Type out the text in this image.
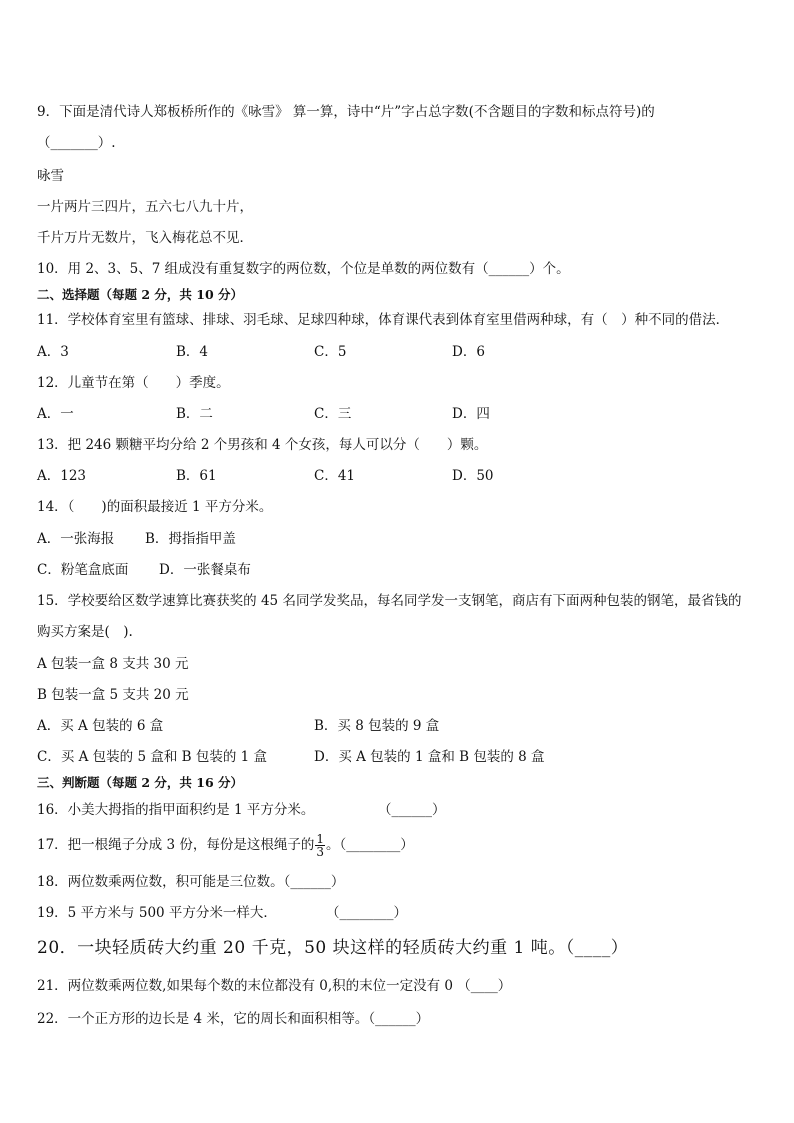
9．下面是清代诗人郑板桥所作的《咏雪》 算一算，诗中“片”字占总字数(不含题目的字数和标点符号)的
（_______）.
咏雪
一片两片三四片，五六七八九十片，
千片万片无数片，飞入梅花总不见．
10．用 2、3、5、7 组成没有重复数字的两位数，个位是单数的两位数有（______）个。
二、选择题（每题 2 分，共 10 分）
11．学校体育室里有篮球、排球、羽毛球、足球四种球，体育课代表到体育室里借两种球，有（　）种不同的借法．
A．3	B．4	C．5	D．6
12．儿童节在第（　　）季度。
A．一	B．二	C．三	D．四
13．把 246 颗糖平均分给 2 个男孩和 4 个女孩，每人可以分（　　）颗。
A．123	B．61	C．41	D．50
14．（　　)的面积最接近 1 平方分米。
A．一张海报 B．拇指指甲盖
C．粉笔盒底面 D．一张餐桌布
15．学校要给区数学速算比赛获奖的 45 名同学发奖品，每名同学发一支钢笔，商店有下面两种包装的钢笔，最省钱的
购买方案是(　).
A 包装一盒 8 支共 30 元
B 包装一盒 5 支共 20 元
A．买 A 包装的 6 盒	B．买 8 包装的 9 盒
C．买 A 包装的 5 盒和 B 包装的 1 盒	D．买 A 包装的 1 盒和 B 包装的 8 盒
三、判断题（每题 2 分，共 16 分）
16．小美大拇指的指甲面积约是 1 平方分米。	（______）
17．把一根绳子分成 3 份，每份是这根绳子的 $\frac{1}{3}$ 。（________）
18．两位数乘两位数，积可能是三位数。（______）
19．5 平方米与 500 平方分米一样大．	（________）
20．一块轻质砖大约重 20 千克，50 块这样的轻质砖大约重 1 吨。（____）
21．两位数乘两位数,如果每个数的末位都没有 0,积的末位一定没有 0 （____）
22．一个正方形的边长是 4 米，它的周长和面积相等。（______）
